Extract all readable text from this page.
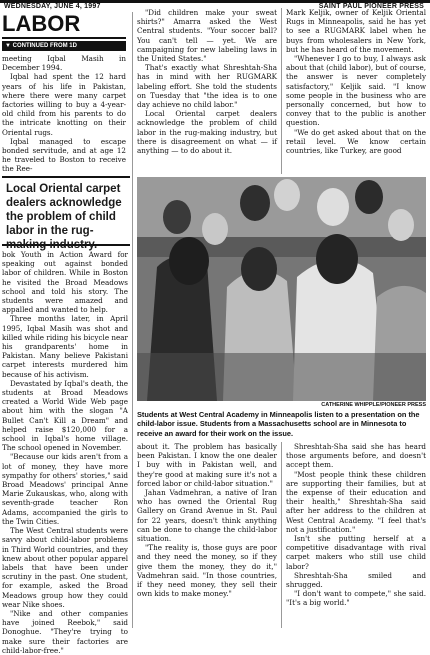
WEDNESDAY, JUNE 4, 1997	SAINT PAUL PIONEER PRESS
LABOR
▼ CONTINUED FROM 1D

meeting Iqbal Masih in December 1994.

Iqbal had spent the 12 hard years of his life in Pakistan, where there were many carpet factories willing to buy a 4-year-old child from his parents to do the intricate knotting on their Oriental rugs.

Iqbal managed to escape bonded servitude, and at age 12 he traveled to Boston to receive the Ree-

Local Oriental carpet dealers acknowledge the problem of child labor in the rug-making industry.

bok Youth in Action Award for speaking out against bonded labor of children. While in Boston he visited the Broad Meadows school and told his story. The students were amazed and appalled and wanted to help.

Three months later, in April 1995, Iqbal Masih was shot and killed while riding his bicycle near his grandparents' home in Pakistan. Many believe Pakistani carpet interests murdered him because of his activism.

Devastated by Iqbal's death, the students at Broad Meadows created a World Wide Web page about him with the slogan "A Bullet Can't Kill a Dream" and helped raise $120,000 for a school in Iqbal's home village. The school opened in November.

"Because our kids aren't from a lot of money, they have more sympathy for others' stories," said Broad Meadows' principal Anne Marie Zukauskas, who, along with seventh-grade teacher Ron Adams, accompanied the girls to the Twin Cities.

The West Central students were savvy about child-labor problems in Third World countries, and they knew about other popular apparel labels that have been under scrutiny in the past. One student, for example, asked the Broad Meadows group how they could wear Nike shoes.

"Nike and other companies have joined Reebok," said Donoghue. "They're trying to make sure their factories are child-labor-free."

"Did children make your sweat shirts?" Amarra asked the West Central students. "Your soccer ball? You can't tell — yet. We are campaigning for new labeling laws in the United States."

That's exactly what Shreshtah-Sha has in mind with her RUGMARK labeling effort. She told the students on Tuesday that "the idea is to one day achieve no child labor."

Local Oriental carpet dealers acknowledge the problem of child labor in the rug-making industry, but there is disagreement on what — if anything — to do about it.

Mark Keljik, owner of Keljik Oriental Rugs in Minneapolis, said he has yet to see a RUGMARK label when he buys from wholesalers in New York, but he has heard of the movement.

"Whenever I go to buy, I always ask about that (child labor), but of course, the answer is never completely satisfactory," Keljik said. "I know some people in the business who are personally concerned, but how to convey that to the public is another question.

"We do get asked about that on the retail level. We know certain countries, like Turkey, are good

CATHERINE WHIPPLE/PIONEER PRESS
Students at West Central Academy in Minneapolis listen to a presentation on the child-labor issue. Students from a Massachusetts school are in Minnesota to receive an award for their work on the issue.

about it. The problem has basically been Pakistan. I know the one dealer I buy with in Pakistan well, and they're good at making sure it's not a forced labor or child-labor situation."

Jahan Vadmehran, a native of Iran who has owned the Oriental Rug Gallery on Grand Avenue in St. Paul for 22 years, doesn't think anything can be done to change the child-labor situation.

"The reality is, those guys are poor and they need the money, so if they give them the money, they do it," Vadmehran said. "In those countries, if they need money, they sell their own kids to make money."

Shreshtah-Sha said she has heard those arguments before, and doesn't accept them.

"Most people think these children are supporting their families, but at the expense of their education and their health," Shreshtah-Sha said after her address to the children at West Central Academy. "I feel that's not a justification."

Isn't she putting herself at a competitive disadvantage with rival carpet makers who still use child labor?

Shreshtah-Sha smiled and shrugged.

"I don't want to compete," she said. "It's a big world."
